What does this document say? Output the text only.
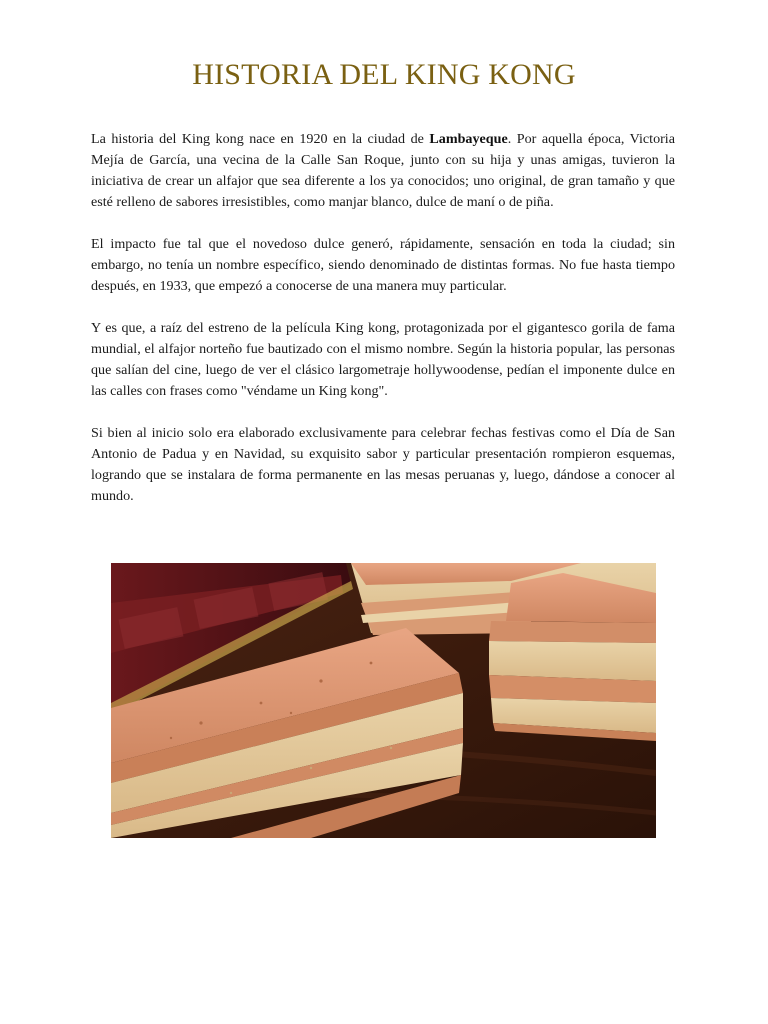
HISTORIA DEL KING KONG

La historia del King kong nace en 1920 en la ciudad de Lambayeque. Por aquella época, Victoria Mejía de García, una vecina de la Calle San Roque, junto con su hija y unas amigas, tuvieron la iniciativa de crear un alfajor que sea diferente a los ya conocidos; uno original, de gran tamaño y que esté relleno de sabores irresistibles, como manjar blanco, dulce de maní o de piña.

El impacto fue tal que el novedoso dulce generó, rápidamente, sensación en toda la ciudad; sin embargo, no tenía un nombre específico, siendo denominado de distintas formas. No fue hasta tiempo después, en 1933, que empezó a conocerse de una manera muy particular.

Y es que, a raíz del estreno de la película King kong, protagonizada por el gigantesco gorila de fama mundial, el alfajor norteño fue bautizado con el mismo nombre. Según la historia popular, las personas que salían del cine, luego de ver el clásico largometraje hollywoodense, pedían el imponente dulce en las calles con frases como "véndame un King kong".

Si bien al inicio solo era elaborado exclusivamente para celebrar fechas festivas como el Día de San Antonio de Padua y en Navidad, su exquisito sabor y particular presentación rompieron esquemas, logrando que se instalara de forma permanente en las mesas peruanas y, luego, dándose a conocer al mundo.
